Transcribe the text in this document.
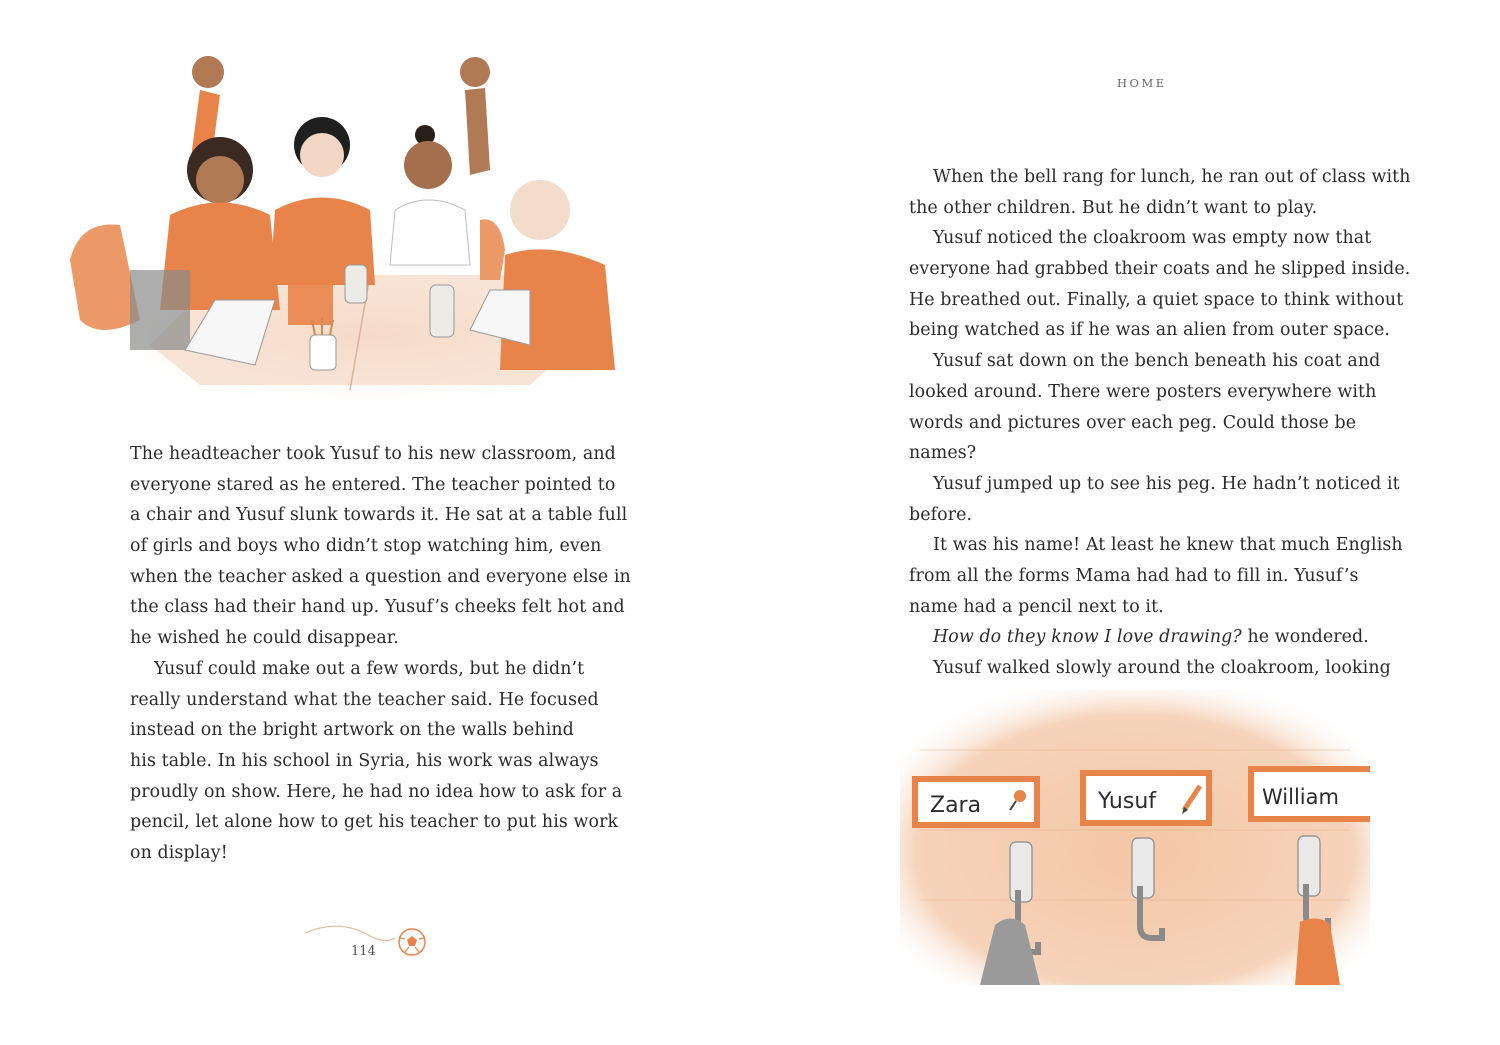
The headteacher took Yusuf to his new classroom, and
everyone stared as he entered. The teacher pointed to
a chair and Yusuf slunk towards it. He sat at a table full
of girls and boys who didn’t stop watching him, even
when the teacher asked a question and everyone else in
the class had their hand up. Yusuf’s cheeks felt hot and
he wished he could disappear.
Yusuf could make out a few words, but he didn’t
really understand what the teacher said. He focused
instead on the bright artwork on the walls behind
his table. In his school in Syria, his work was always
proudly on show. Here, he had no idea how to ask for a
pencil, let alone how to get his teacher to put his work
on display!
114
HOME
When the bell rang for lunch, he ran out of class with
the other children. But he didn’t want to play.
Yusuf noticed the cloakroom was empty now that
everyone had grabbed their coats and he slipped inside.
He breathed out. Finally, a quiet space to think without
being watched as if he was an alien from outer space.
Yusuf sat down on the bench beneath his coat and
looked around. There were posters everywhere with
words and pictures over each peg. Could those be
names?
Yusuf jumped up to see his peg. He hadn’t noticed it
before.
It was his name! At least he knew that much English
from all the forms Mama had had to fill in. Yusuf’s
name had a pencil next to it.
How do they know I love drawing? he wondered.
Yusuf walked slowly around the cloakroom, looking
Zara	Yusuf	William
